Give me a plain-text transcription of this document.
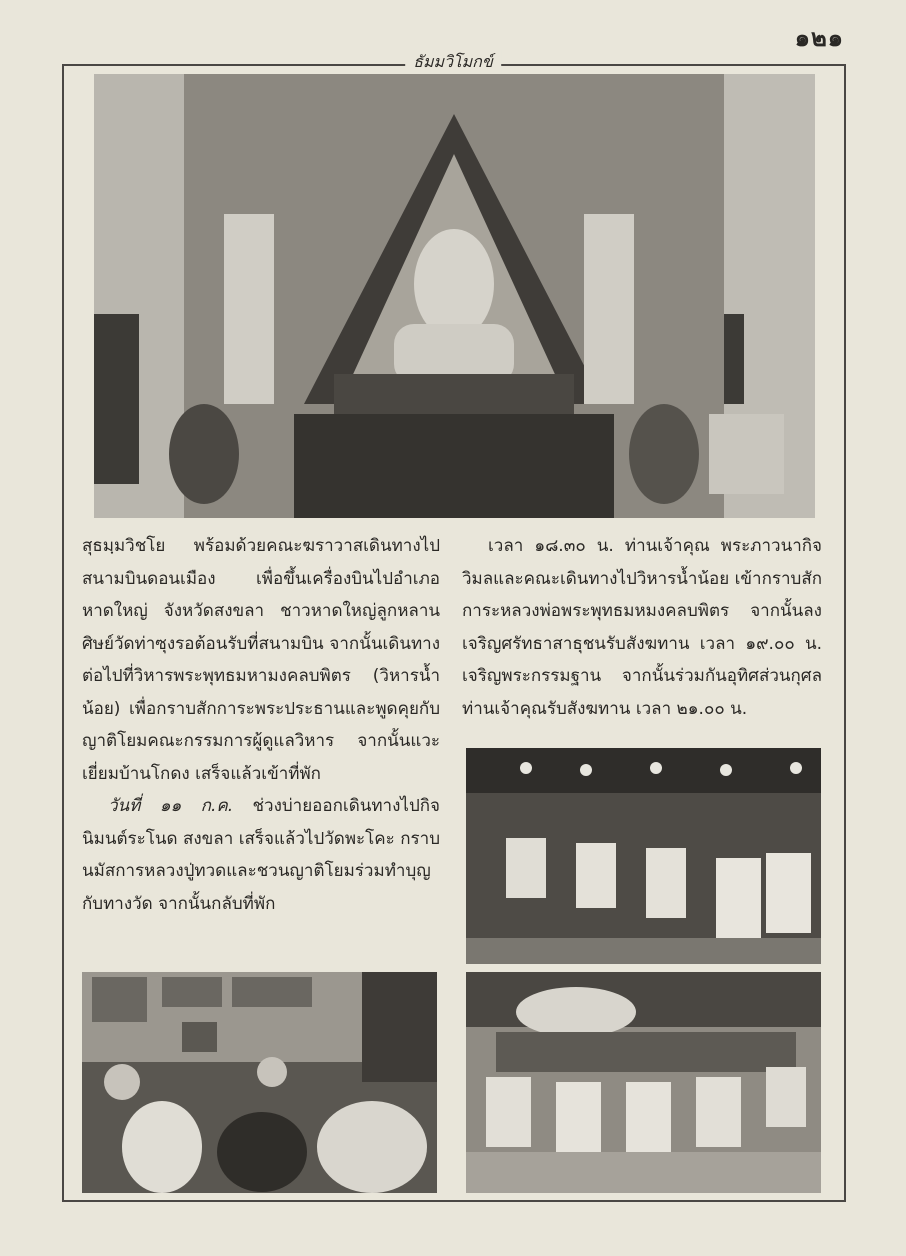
๑๒๑
ธัมมวิโมกข์

สุธมฺมวิชโย พร้อมด้วยคณะฆราวาสเดินทางไปสนามบินดอนเมือง เพื่อขึ้นเครื่องบินไปอำเภอหาดใหญ่ จังหวัดสงขลา ชาวหาดใหญ่ลูกหลานศิษย์วัดท่าซุงรอต้อนรับที่สนามบิน จากนั้นเดินทางต่อไปที่วิหารพระพุทธมหามงคลบพิตร (วิหารน้ำน้อย) เพื่อกราบสักการะพระประธานและพูดคุยกับญาติโยมคณะกรรมการผู้ดูแลวิหาร จากนั้นแวะเยี่ยมบ้านโกดง เสร็จแล้วเข้าที่พัก

วันที่ ๑๑ ก.ค. ช่วงบ่ายออกเดินทางไปกิจนิมนต์ระโนด สงขลา เสร็จแล้วไปวัดพะโคะ กราบนมัสการหลวงปู่ทวดและชวนญาติโยมร่วมทำบุญกับทางวัด จากนั้นกลับที่พัก

เวลา ๑๘.๓๐ น. ท่านเจ้าคุณ พระภาวนากิจวิมลและคณะเดินทางไปวิหารน้ำน้อย เข้ากราบสักการะหลวงพ่อพระพุทธมหมงคลบพิตร จากนั้นลงเจริญศรัทธาสาธุชนรับสังฆทาน เวลา ๑๙.๐๐ น. เจริญพระกรรมฐาน จากนั้นร่วมกันอุทิศส่วนกุศลท่านเจ้าคุณรับสังฆทาน เวลา ๒๑.๐๐ น.
